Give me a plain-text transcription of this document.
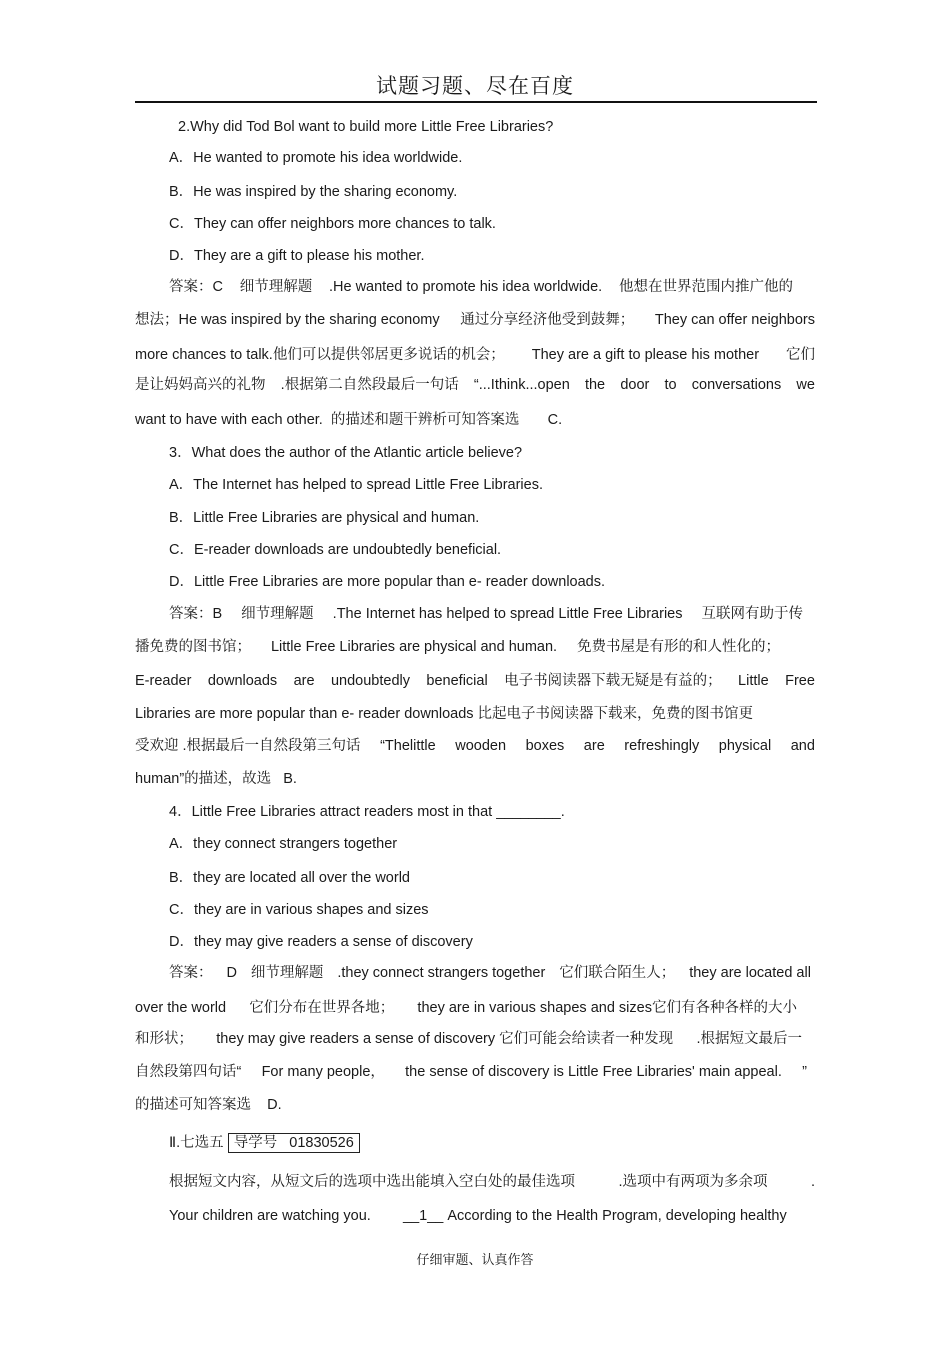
试题习题、尽在百度
2.Why did Tod Bol want to build more Little Free Libraries?
A．He wanted to promote his idea worldwide.
B．He was inspired by the sharing economy.
C．They can offer neighbors more chances to talk.
D．They are a gift to please his mother.
答案：C 细节理解题 .He wanted to promote his idea worldwide. 他想在世界范围内推广他的
想法；He was inspired by the sharing economy 通过分享经济他受到鼓舞； They can offer neighbors
more chances to talk.他们可以提供邻居更多说话的机会； They are a gift to please his mother 它们
是让妈妈高兴的礼物 .根据第二自然段最后一句话 “...Ithink...open the door to conversations we
want to have with each other. 的描述和题干辨析可知答案选 C.
3．What does the author of the Atlantic article believe?
A．The Internet has helped to spread Little Free Libraries.
B．Little Free Libraries are physical and human.
C．E-reader downloads are undoubtedly beneficial.
D．Little Free Libraries are more popular than e- reader downloads.
答案：B 细节理解题 .The Internet has helped to spread Little Free Libraries 互联网有助于传
播免费的图书馆； Little Free Libraries are physical and human. 免费书屋是有形的和人性化的；
E-reader downloads are undoubtedly beneficial 电子书阅读器下载无疑是有益的； Little Free
Libraries are more popular than e- reader downloads 比起电子书阅读器下载来，免费的图书馆更
受欢迎 .根据最后一自然段第三句话 “Thelittle wooden boxes are refreshingly physical and
human”的描述，故选 B.
4．Little Free Libraries attract readers most in that ________.
A．they connect strangers together
B．they are located all over the world
C．they are in various shapes and sizes
D．they may give readers a sense of discovery
答案： D 细节理解题 .they connect strangers together 它们联合陌生人； they are located all
over the world 它们分布在世界各地； they are in various shapes and sizes它们有各种各样的大小
和形状； they may give readers a sense of discovery 它们可能会给读者一种发现 .根据短文最后一
自然段第四句话“ For many people， the sense of discovery is Little Free Libraries' main appeal. ”
的描述可知答案选 D.
Ⅱ.七选五 导学号 01830526
根据短文内容，从短文后的选项中选出能填入空白处的最佳选项	.选项中有两项为多余项	.
Your children are watching you. __1__ According to the Health Program, developing healthy
仔细审题、认真作答
